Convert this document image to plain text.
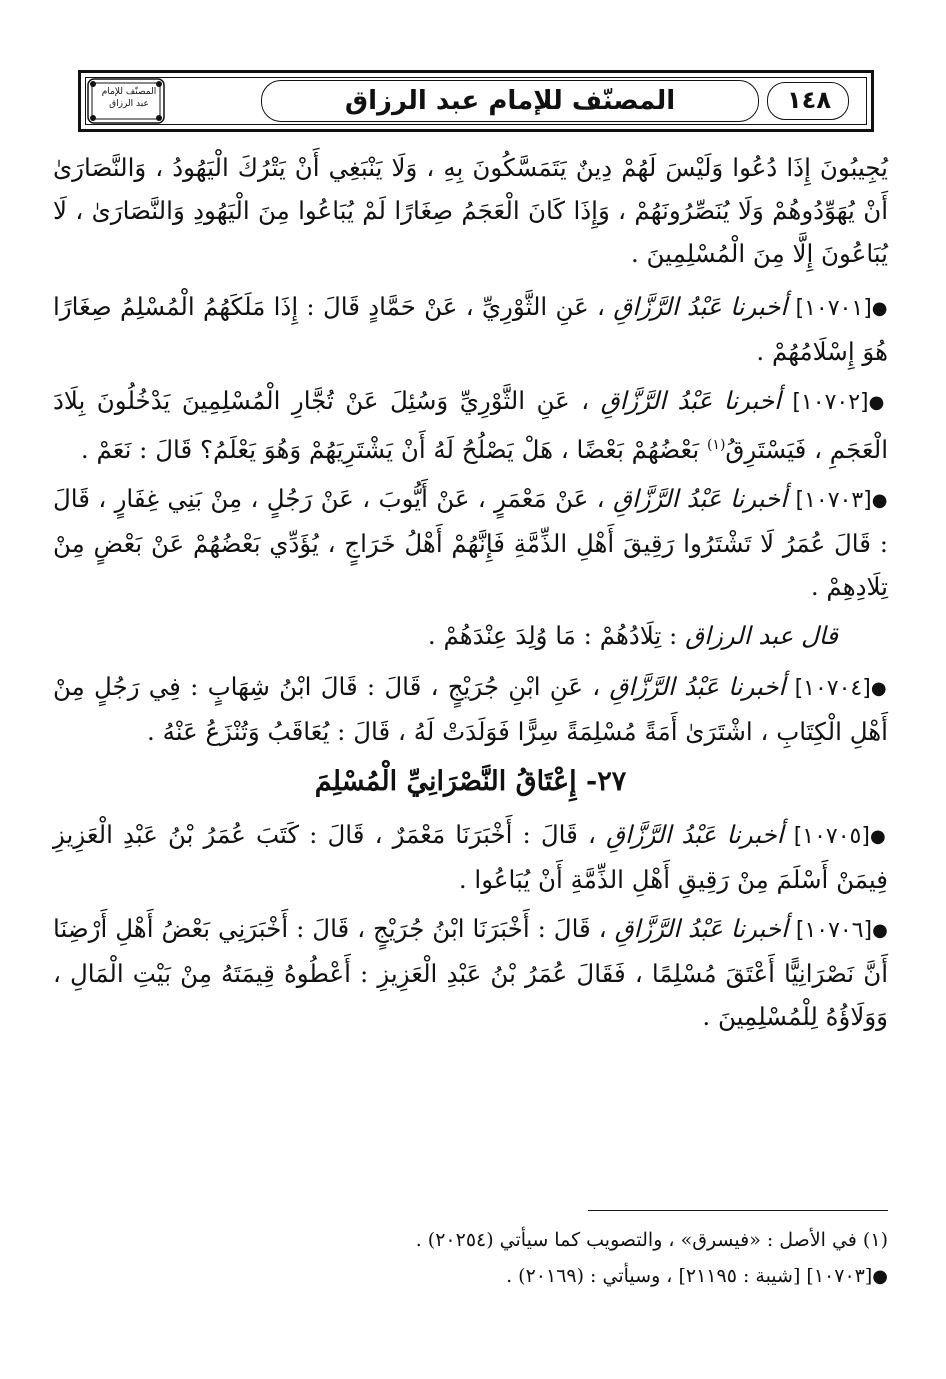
١٤٨
المصنّف للإمام عبد الرزاق
المصنّف للإمام عبد الرزاق

يُجِيبُونَ إِذَا دُعُوا وَلَيْسَ لَهُمْ دِينٌ يَتَمَسَّكُونَ بِهِ ، وَلَا يَنْبَغِي أَنْ يَتْرُكَ الْيَهُودُ ، وَالنَّصَارَىٰ أَنْ يُهَوِّدُوهُمْ وَلَا يُنَصِّرُونَهُمْ ، وَإِذَا كَانَ الْعَجَمُ صِغَارًا لَمْ يُبَاعُوا مِنَ الْيَهُودِ وَالنَّصَارَىٰ ، لَا يُبَاعُونَ إِلَّا مِنَ الْمُسْلِمِينَ .

●[١٠٧٠١] أخبرنا عَبْدُ الرَّزَّاقِ ، عَنِ الثَّوْرِيِّ ، عَنْ حَمَّادٍ قَالَ : إِذَا مَلَكَهُمُ الْمُسْلِمُ صِغَارًا هُوَ إِسْلَامُهُمْ .

●[١٠٧٠٢] أخبرنا عَبْدُ الرَّزَّاقِ ، عَنِ الثَّوْرِيِّ وَسُئِلَ عَنْ تُجَّارِ الْمُسْلِمِينَ يَدْخُلُونَ بِلَادَ الْعَجَمِ ، فَيَسْتَرِقُ$^{(١)}$ بَعْضُهُمْ بَعْضًا ، هَلْ يَصْلُحُ لَهُ أَنْ يَشْتَرِيَهُمْ وَهُوَ يَعْلَمُ؟ قَالَ : نَعَمْ .

●[١٠٧٠٣] أخبرنا عَبْدُ الرَّزَّاقِ ، عَنْ مَعْمَرٍ ، عَنْ أَيُّوبَ ، عَنْ رَجُلٍ ، مِنْ بَنِي غِفَارٍ ، قَالَ : قَالَ عُمَرُ لَا تَشْتَرُوا رَقِيقَ أَهْلِ الذِّمَّةِ فَإِنَّهُمْ أَهْلُ خَرَاجٍ ، يُؤَدِّي بَعْضُهُمْ عَنْ بَعْضٍ مِنْ تِلَادِهِمْ .

قال عبد الرزاق : تِلَادُهُمْ : مَا وُلِدَ عِنْدَهُمْ .

●[١٠٧٠٤] أخبرنا عَبْدُ الرَّزَّاقِ ، عَنِ ابْنِ جُرَيْجٍ ، قَالَ : قَالَ ابْنُ شِهَابٍ : فِي رَجُلٍ مِنْ أَهْلِ الْكِتَابِ ، اشْتَرَىٰ أَمَةً مُسْلِمَةً سِرًّا فَوَلَدَتْ لَهُ ، قَالَ : يُعَاقَبُ وَتُنْزَعُ عَنْهُ .

٢٧- إِعْتَاقُ النَّصْرَانِيِّ الْمُسْلِمَ

●[١٠٧٠٥] أخبرنا عَبْدُ الرَّزَّاقِ ، قَالَ : أَخْبَرَنَا مَعْمَرٌ ، قَالَ : كَتَبَ عُمَرُ بْنُ عَبْدِ الْعَزِيزِ فِيمَنْ أَسْلَمَ مِنْ رَقِيقِ أَهْلِ الذِّمَّةِ أَنْ يُبَاعُوا .

●[١٠٧٠٦] أخبرنا عَبْدُ الرَّزَّاقِ ، قَالَ : أَخْبَرَنَا ابْنُ جُرَيْجٍ ، قَالَ : أَخْبَرَنِي بَعْضُ أَهْلِ أَرْضِنَا أَنَّ نَصْرَانِيًّا أَعْتَقَ مُسْلِمًا ، فَقَالَ عُمَرُ بْنُ عَبْدِ الْعَزِيزِ : أَعْطُوهُ قِيمَتَهُ مِنْ بَيْتِ الْمَالِ ، وَوَلَاؤُهُ لِلْمُسْلِمِينَ .

(١) في الأصل : «فيسرق» ، والتصويب كما سيأتي (٢٠٢٥٤) .
●[١٠٧٠٣] [شيبة : ٢١١٩٥] ، وسيأتي : (٢٠١٦٩) .
